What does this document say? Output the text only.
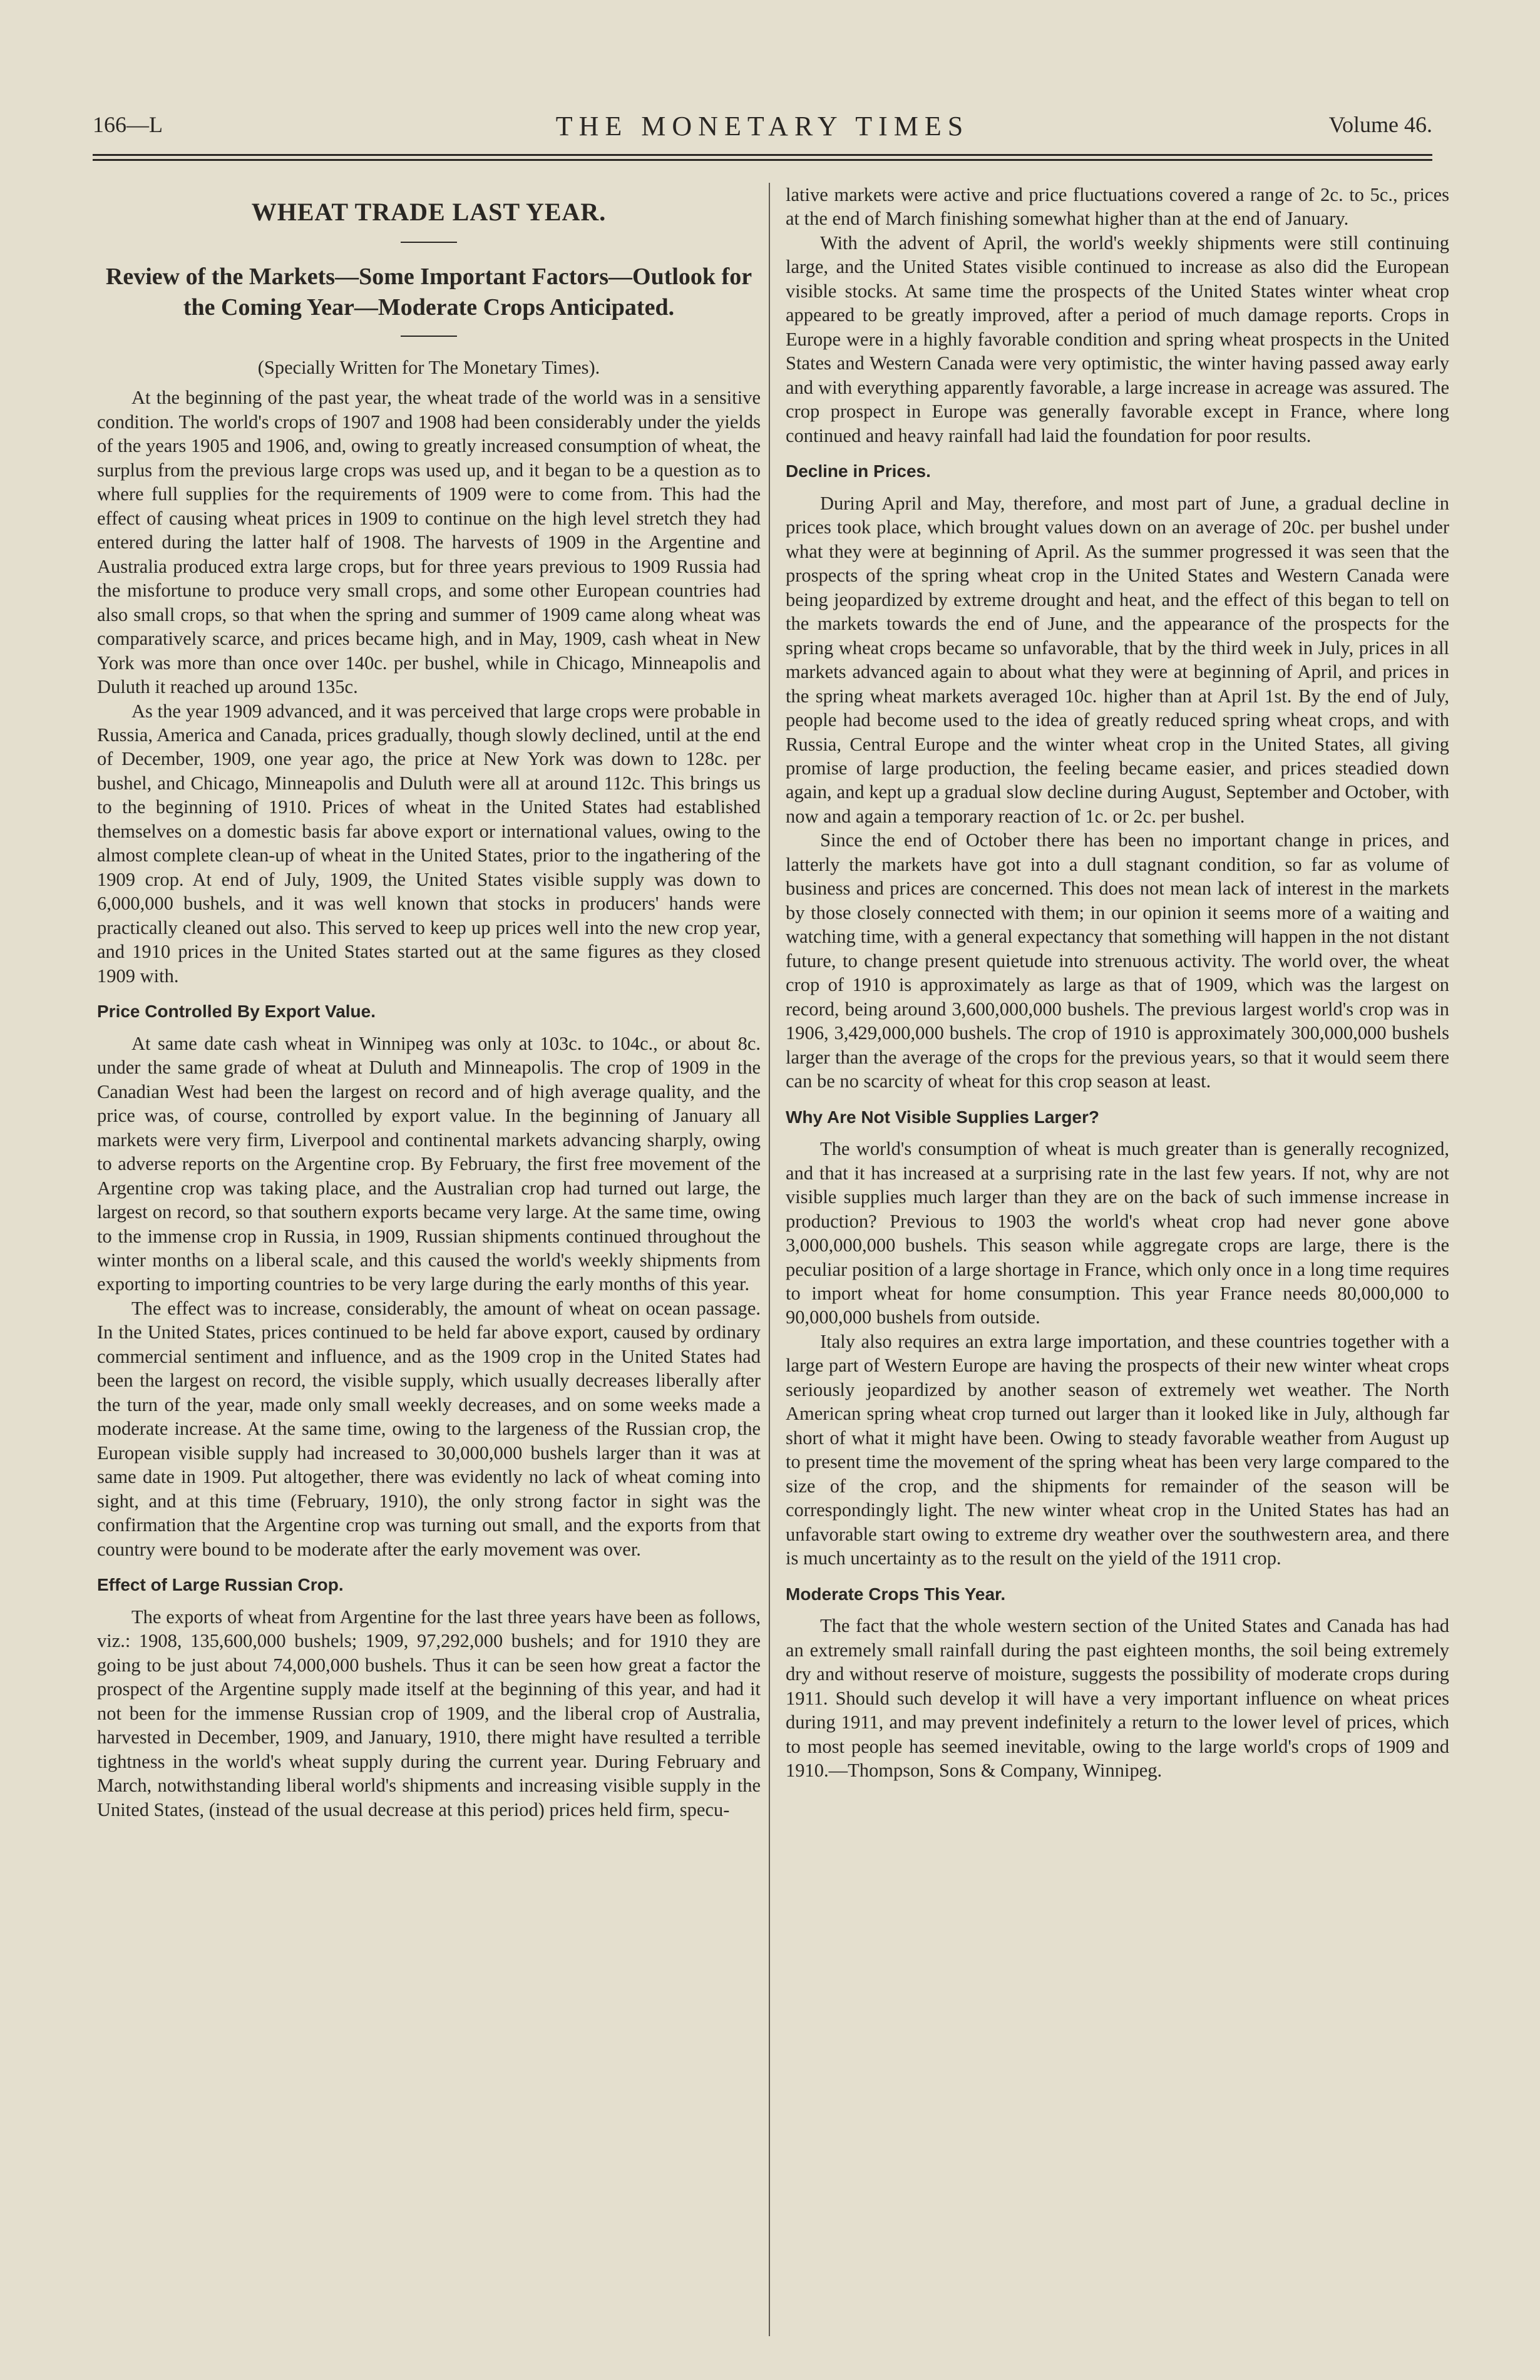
166—L	THE MONETARY TIMES	Volume 46.
WHEAT TRADE LAST YEAR.
Review of the Markets—Some Important Factors—Outlook for the Coming Year—Moderate Crops Anticipated.
(Specially Written for The Monetary Times).

At the beginning of the past year, the wheat trade of the world was in a sensitive condition. The world's crops of 1907 and 1908 had been considerably under the yields of the years 1905 and 1906, and, owing to greatly increased consumption of wheat, the surplus from the previous large crops was used up, and it began to be a question as to where full supplies for the requirements of 1909 were to come from. This had the effect of causing wheat prices in 1909 to continue on the high level stretch they had entered during the latter half of 1908. The harvests of 1909 in the Argentine and Australia produced extra large crops, but for three years previous to 1909 Russia had the misfortune to produce very small crops, and some other European countries had also small crops, so that when the spring and summer of 1909 came along wheat was comparatively scarce, and prices became high, and in May, 1909, cash wheat in New York was more than once over 140c. per bushel, while in Chicago, Minneapolis and Duluth it reached up around 135c.

As the year 1909 advanced, and it was perceived that large crops were probable in Russia, America and Canada, prices gradually, though slowly declined, until at the end of December, 1909, one year ago, the price at New York was down to 128c. per bushel, and Chicago, Minneapolis and Duluth were all at around 112c. This brings us to the beginning of 1910. Prices of wheat in the United States had established themselves on a domestic basis far above export or international values, owing to the almost complete clean-up of wheat in the United States, prior to the ingathering of the 1909 crop. At end of July, 1909, the United States visible supply was down to 6,000,000 bushels, and it was well known that stocks in producers' hands were practically cleaned out also. This served to keep up prices well into the new crop year, and 1910 prices in the United States started out at the same figures as they closed 1909 with.

Price Controlled By Export Value.

At same date cash wheat in Winnipeg was only at 103c. to 104c., or about 8c. under the same grade of wheat at Duluth and Minneapolis. The crop of 1909 in the Canadian West had been the largest on record and of high average quality, and the price was, of course, controlled by export value. In the beginning of January all markets were very firm, Liverpool and continental markets advancing sharply, owing to adverse reports on the Argentine crop. By February, the first free movement of the Argentine crop was taking place, and the Australian crop had turned out large, the largest on record, so that southern exports became very large. At the same time, owing to the immense crop in Russia, in 1909, Russian shipments continued throughout the winter months on a liberal scale, and this caused the world's weekly shipments from exporting to importing countries to be very large during the early months of this year.

The effect was to increase, considerably, the amount of wheat on ocean passage. In the United States, prices continued to be held far above export, caused by ordinary commercial sentiment and influence, and as the 1909 crop in the United States had been the largest on record, the visible supply, which usually decreases liberally after the turn of the year, made only small weekly decreases, and on some weeks made a moderate increase. At the same time, owing to the largeness of the Russian crop, the European visible supply had increased to 30,000,000 bushels larger than it was at same date in 1909. Put altogether, there was evidently no lack of wheat coming into sight, and at this time (February, 1910), the only strong factor in sight was the confirmation that the Argentine crop was turning out small, and the exports from that country were bound to be moderate after the early movement was over.

Effect of Large Russian Crop.

The exports of wheat from Argentine for the last three years have been as follows, viz.: 1908, 135,600,000 bushels; 1909, 97,292,000 bushels; and for 1910 they are going to be just about 74,000,000 bushels. Thus it can be seen how great a factor the prospect of the Argentine supply made itself at the beginning of this year, and had it not been for the immense Russian crop of 1909, and the liberal crop of Australia, harvested in December, 1909, and January, 1910, there might have resulted a terrible tightness in the world's wheat supply during the current year. During February and March, notwithstanding liberal world's shipments and increasing visible supply in the United States, (instead of the usual decrease at this period) prices held firm, specu-

lative markets were active and price fluctuations covered a range of 2c. to 5c., prices at the end of March finishing somewhat higher than at the end of January.

With the advent of April, the world's weekly shipments were still continuing large, and the United States visible continued to increase as also did the European visible stocks. At same time the prospects of the United States winter wheat crop appeared to be greatly improved, after a period of much damage reports. Crops in Europe were in a highly favorable condition and spring wheat prospects in the United States and Western Canada were very optimistic, the winter having passed away early and with everything apparently favorable, a large increase in acreage was assured. The crop prospect in Europe was generally favorable except in France, where long continued and heavy rainfall had laid the foundation for poor results.

Decline in Prices.

During April and May, therefore, and most part of June, a gradual decline in prices took place, which brought values down on an average of 20c. per bushel under what they were at beginning of April. As the summer progressed it was seen that the prospects of the spring wheat crop in the United States and Western Canada were being jeopardized by extreme drought and heat, and the effect of this began to tell on the markets towards the end of June, and the appearance of the prospects for the spring wheat crops became so unfavorable, that by the third week in July, prices in all markets advanced again to about what they were at beginning of April, and prices in the spring wheat markets averaged 10c. higher than at April 1st. By the end of July, people had become used to the idea of greatly reduced spring wheat crops, and with Russia, Central Europe and the winter wheat crop in the United States, all giving promise of large production, the feeling became easier, and prices steadied down again, and kept up a gradual slow decline during August, September and October, with now and again a temporary reaction of 1c. or 2c. per bushel.

Since the end of October there has been no important change in prices, and latterly the markets have got into a dull stagnant condition, so far as volume of business and prices are concerned. This does not mean lack of interest in the markets by those closely connected with them; in our opinion it seems more of a waiting and watching time, with a general expectancy that something will happen in the not distant future, to change present quietude into strenuous activity. The world over, the wheat crop of 1910 is approximately as large as that of 1909, which was the largest on record, being around 3,600,000,000 bushels. The previous largest world's crop was in 1906, 3,429,000,000 bushels. The crop of 1910 is approximately 300,000,000 bushels larger than the average of the crops for the previous years, so that it would seem there can be no scarcity of wheat for this crop season at least.

Why Are Not Visible Supplies Larger?

The world's consumption of wheat is much greater than is generally recognized, and that it has increased at a surprising rate in the last few years. If not, why are not visible supplies much larger than they are on the back of such immense increase in production? Previous to 1903 the world's wheat crop had never gone above 3,000,000,000 bushels. This season while aggregate crops are large, there is the peculiar position of a large shortage in France, which only once in a long time requires to import wheat for home consumption. This year France needs 80,000,000 to 90,000,000 bushels from outside.

Italy also requires an extra large importation, and these countries together with a large part of Western Europe are having the prospects of their new winter wheat crops seriously jeopardized by another season of extremely wet weather. The North American spring wheat crop turned out larger than it looked like in July, although far short of what it might have been. Owing to steady favorable weather from August up to present time the movement of the spring wheat has been very large compared to the size of the crop, and the shipments for remainder of the season will be correspondingly light. The new winter wheat crop in the United States has had an unfavorable start owing to extreme dry weather over the southwestern area, and there is much uncertainty as to the result on the yield of the 1911 crop.

Moderate Crops This Year.

The fact that the whole western section of the United States and Canada has had an extremely small rainfall during the past eighteen months, the soil being extremely dry and without reserve of moisture, suggests the possibility of moderate crops during 1911. Should such develop it will have a very important influence on wheat prices during 1911, and may prevent indefinitely a return to the lower level of prices, which to most people has seemed inevitable, owing to the large world's crops of 1909 and 1910.—Thompson, Sons & Company, Winnipeg.
